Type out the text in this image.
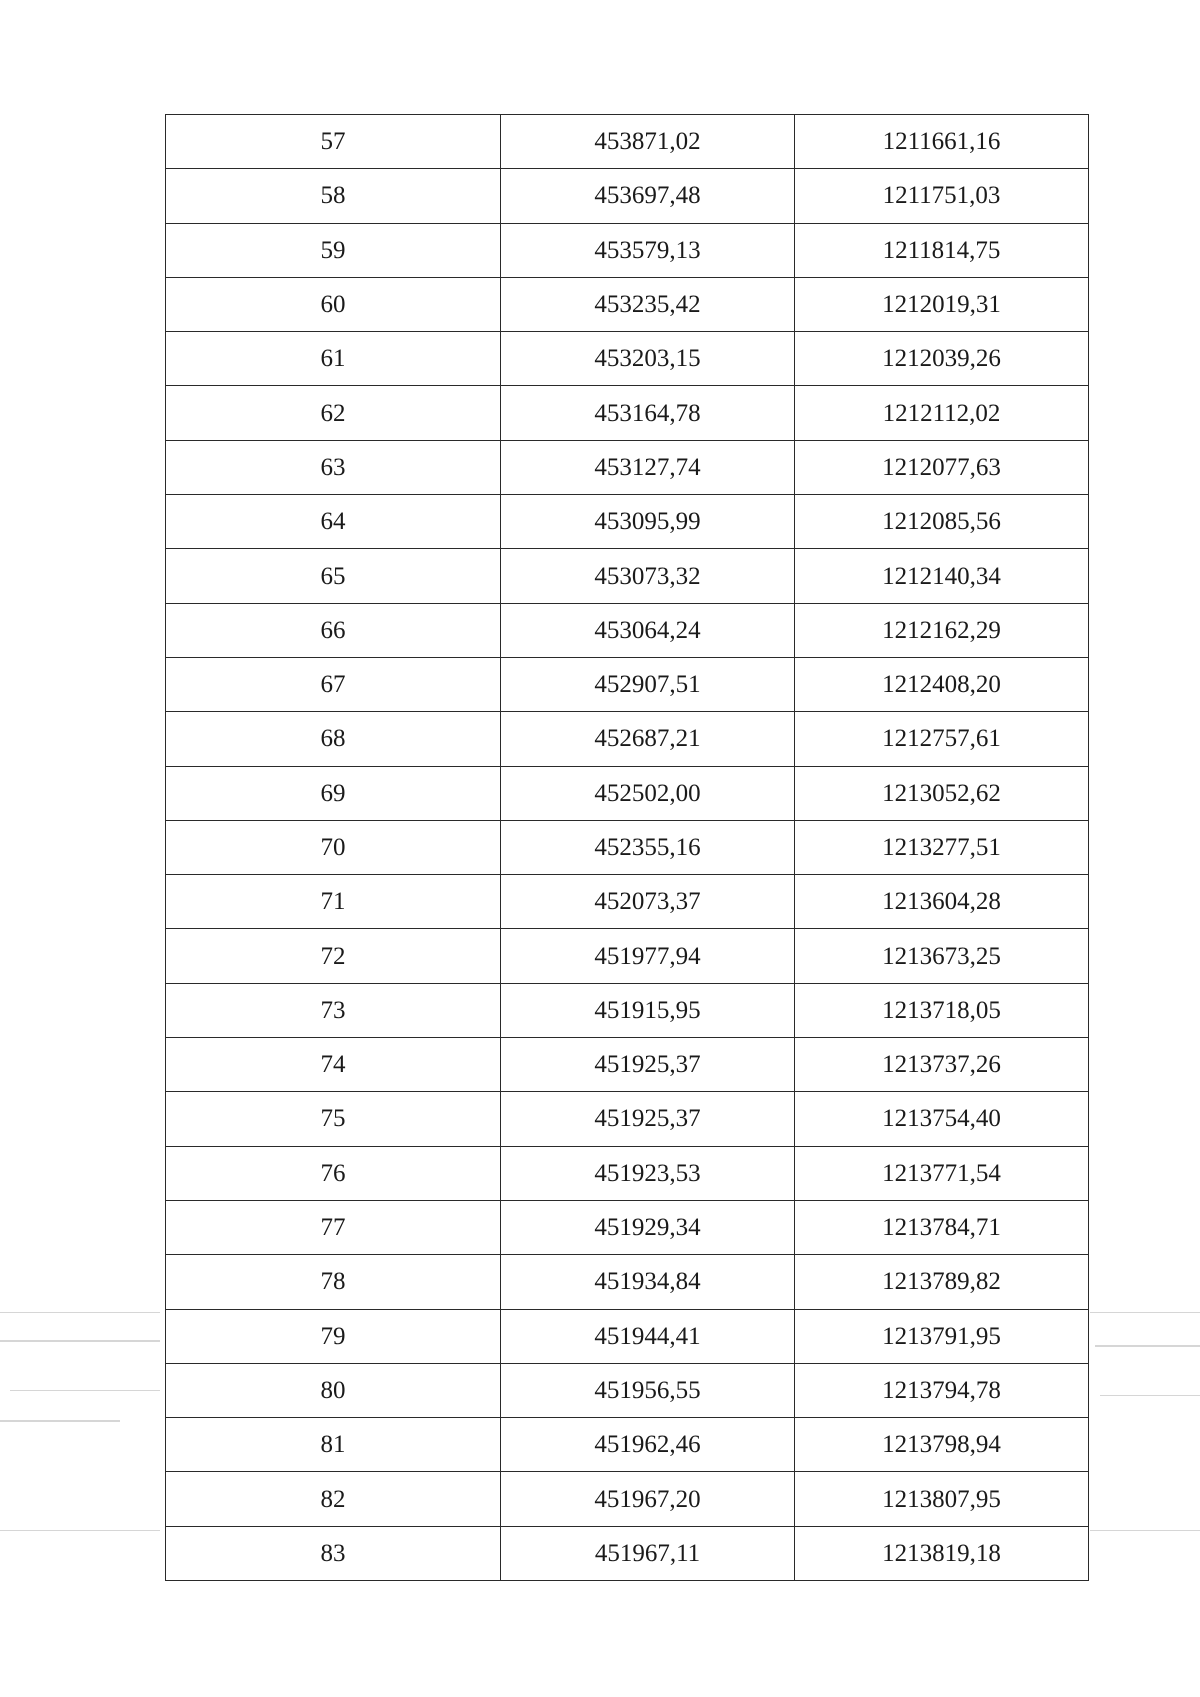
57	453871,02	1211661,16
58	453697,48	1211751,03
59	453579,13	1211814,75
60	453235,42	1212019,31
61	453203,15	1212039,26
62	453164,78	1212112,02
63	453127,74	1212077,63
64	453095,99	1212085,56
65	453073,32	1212140,34
66	453064,24	1212162,29
67	452907,51	1212408,20
68	452687,21	1212757,61
69	452502,00	1213052,62
70	452355,16	1213277,51
71	452073,37	1213604,28
72	451977,94	1213673,25
73	451915,95	1213718,05
74	451925,37	1213737,26
75	451925,37	1213754,40
76	451923,53	1213771,54
77	451929,34	1213784,71
78	451934,84	1213789,82
79	451944,41	1213791,95
80	451956,55	1213794,78
81	451962,46	1213798,94
82	451967,20	1213807,95
83	451967,11	1213819,18
